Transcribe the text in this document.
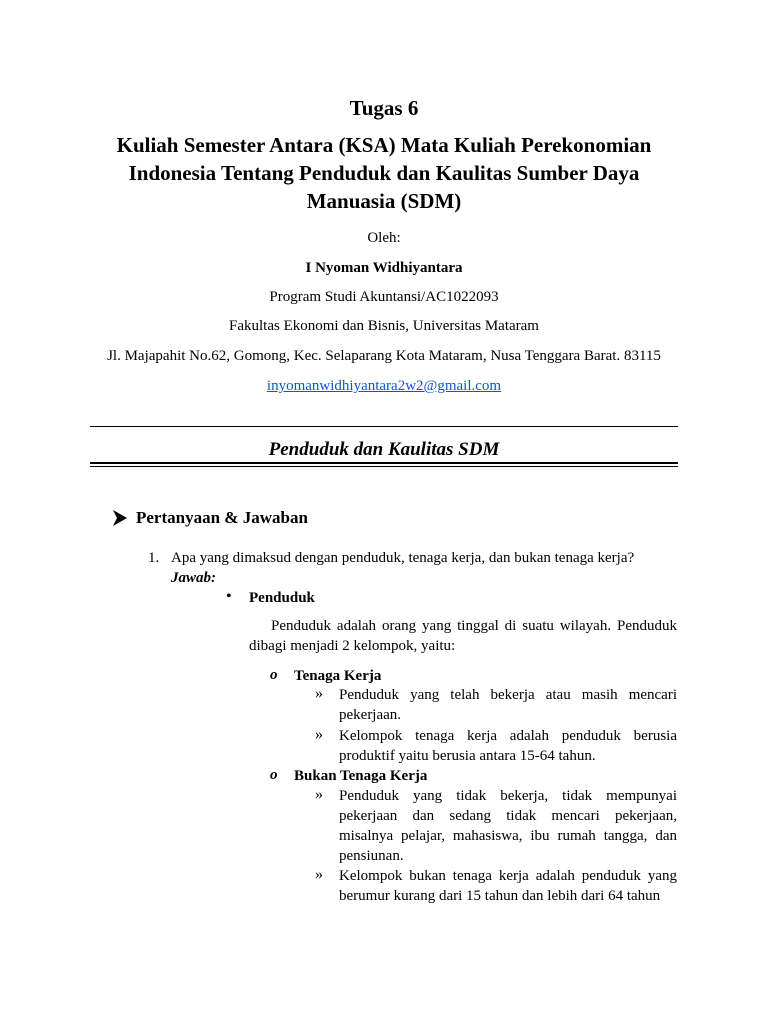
Tugas 6
Kuliah Semester Antara (KSA) Mata Kuliah Perekonomian Indonesia Tentang Penduduk dan Kaulitas Sumber Daya Manuasia (SDM)
Oleh:
I Nyoman Widhiyantara
Program Studi Akuntansi/AC1022093
Fakultas Ekonomi dan Bisnis, Universitas Mataram
Jl. Majapahit No.62, Gomong, Kec. Selaparang Kota Mataram, Nusa Tenggara Barat. 83115
inyomanwidhiyantara2w2@gmail.com
Penduduk dan Kaulitas SDM
Pertanyaan & Jawaban
1. Apa yang dimaksud dengan penduduk, tenaga kerja, dan bukan tenaga kerja?
Jawab:
• Penduduk
Penduduk adalah orang yang tinggal di suatu wilayah. Penduduk dibagi menjadi 2 kelompok, yaitu:
o Tenaga Kerja
» Penduduk yang telah bekerja atau masih mencari pekerjaan.
» Kelompok tenaga kerja adalah penduduk berusia produktif yaitu berusia antara 15-64 tahun.
o Bukan Tenaga Kerja
» Penduduk yang tidak bekerja, tidak mempunyai pekerjaan dan sedang tidak mencari pekerjaan, misalnya pelajar, mahasiswa, ibu rumah tangga, dan pensiunan.
» Kelompok bukan tenaga kerja adalah penduduk yang berumur kurang dari 15 tahun dan lebih dari 64 tahun
